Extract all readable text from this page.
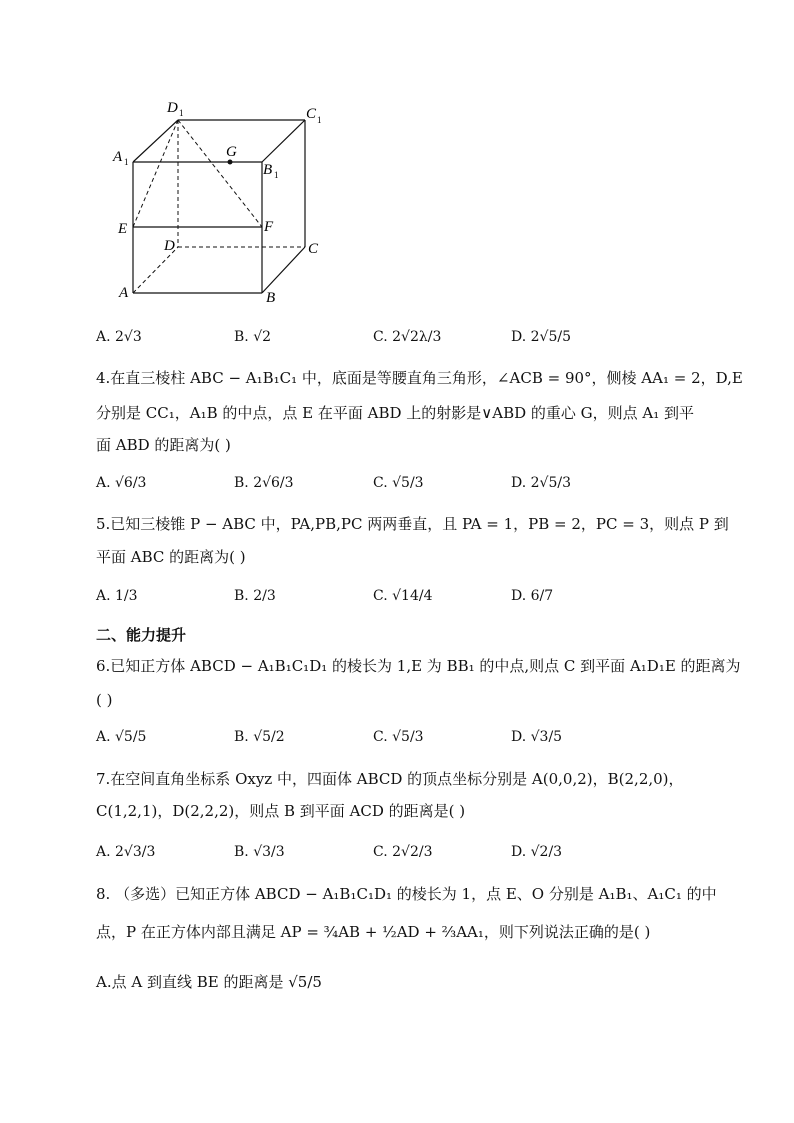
D 1	C 1
A 1
G
B 1
E	F
D	C
A	B
A. 2√3	B. √2	C. 2√2λ/3	D. 2√5/5
4.在直三棱柱 ABC − A₁B₁C₁ 中，底面是等腰直角三角形，∠ACB = 90°，侧棱 AA₁ = 2，D,E
分别是 CC₁，A₁B 的中点，点 E 在平面 ABD 上的射影是∨ABD 的重心 G，则点 A₁ 到平
面 ABD 的距离为( )
A. √6/3	B. 2√6/3	C. √5/3	D. 2√5/3
5.已知三棱锥 P − ABC 中，PA,PB,PC 两两垂直，且 PA = 1，PB = 2，PC = 3，则点 P 到
平面 ABC 的距离为( )
A. 1/3	B. 2/3	C. √14/4	D. 6/7
二、能力提升
6.已知正方体 ABCD − A₁B₁C₁D₁ 的棱长为 1,E 为 BB₁ 的中点,则点 C 到平面 A₁D₁E 的距离为
( )
A. √5/5	B. √5/2	C. √5/3	D. √3/5
7.在空间直角坐标系 Oxyz 中，四面体 ABCD 的顶点坐标分别是 A(0,0,2)，B(2,2,0)，
C(1,2,1)，D(2,2,2)，则点 B 到平面 ACD 的距离是( )
A. 2√3/3	B. √3/3	C. 2√2/3	D. √2/3
8. （多选）已知正方体 ABCD − A₁B₁C₁D₁ 的棱长为 1，点 E、O 分别是 A₁B₁、A₁C₁ 的中
点，P 在正方体内部且满足 AP = ¾AB + ½AD + ⅔AA₁，则下列说法正确的是( )
A.点 A 到直线 BE 的距离是 √5/5
